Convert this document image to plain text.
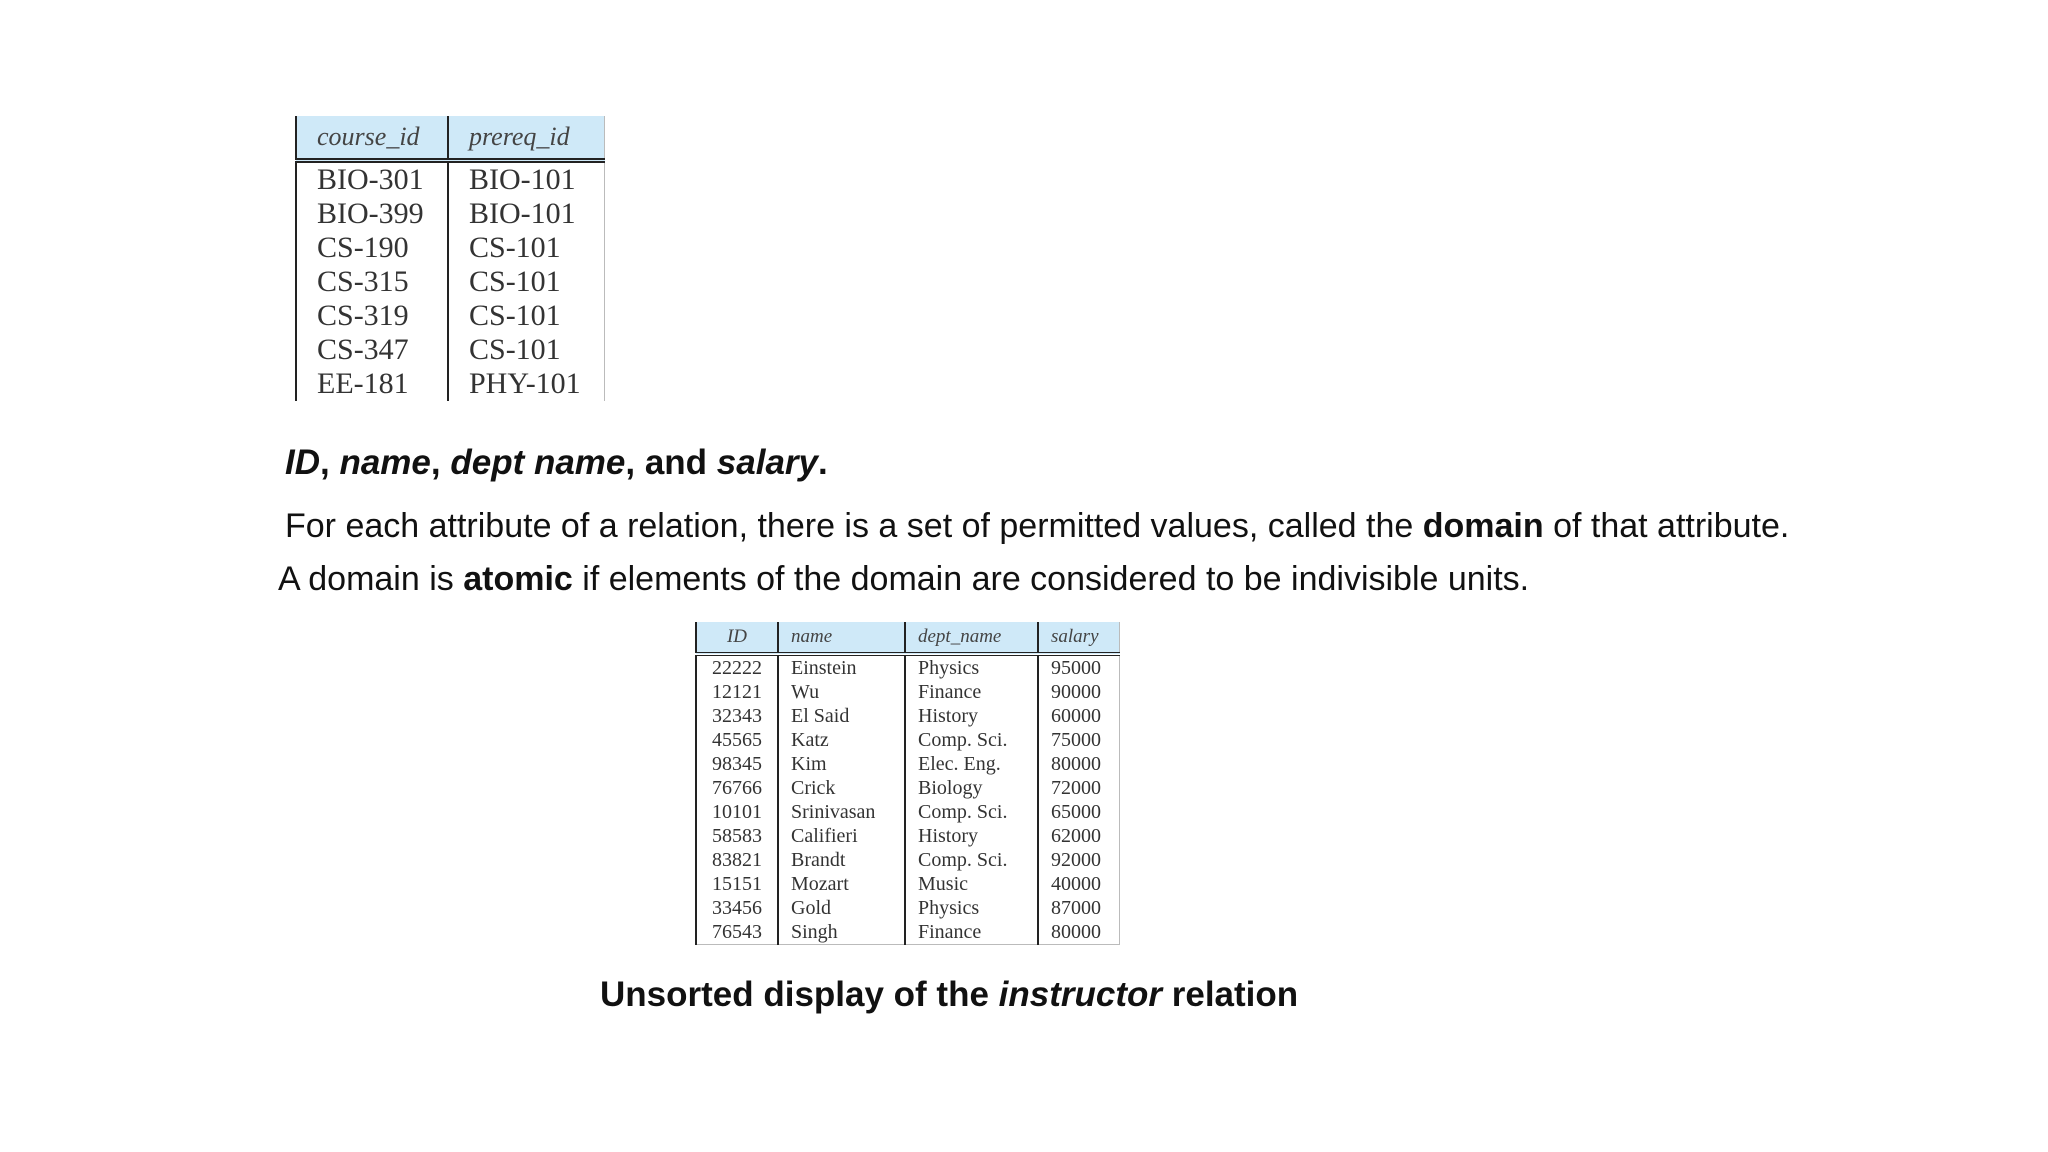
course_id	prereq_id
BIO-301	BIO-101
BIO-399	BIO-101
CS-190	CS-101
CS-315	CS-101
CS-319	CS-101
CS-347	CS-101
EE-181	PHY-101
ID, name, dept name, and salary.
For each attribute of a relation, there is a set of permitted values, called the domain of that attribute.
A domain is atomic if elements of the domain are considered to be indivisible units.
ID	name	dept_name	salary
22222	Einstein	Physics	95000
12121	Wu	Finance	90000
32343	El Said	History	60000
45565	Katz	Comp. Sci.	75000
98345	Kim	Elec. Eng.	80000
76766	Crick	Biology	72000
10101	Srinivasan	Comp. Sci.	65000
58583	Califieri	History	62000
83821	Brandt	Comp. Sci.	92000
15151	Mozart	Music	40000
33456	Gold	Physics	87000
76543	Singh	Finance	80000
Unsorted display of the instructor relation
